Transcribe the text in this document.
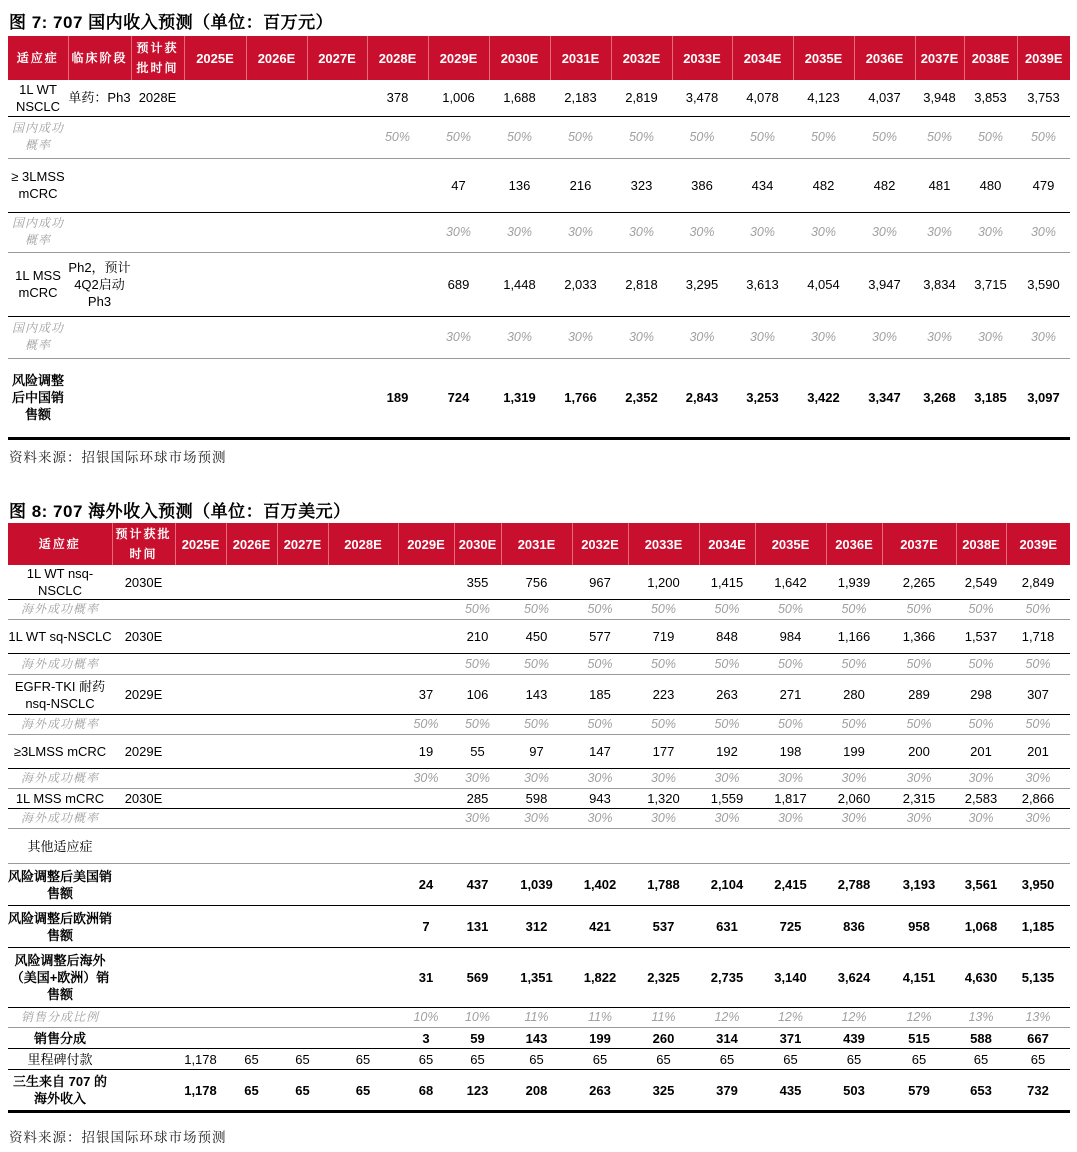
图 7: 707 国内收入预测（单位：百万元）
适应症	临床阶段	预计获批时间	2025E	2026E	2027E	2028E	2029E	2030E	2031E	2032E	2033E	2034E	2035E	2036E	2037E	2038E	2039E
1L WT NSCLC	单药：Ph3	2028E				378	1,006	1,688	2,183	2,819	3,478	4,078	4,123	4,037	3,948	3,853	3,753
国内成功概率						50%	50%	50%	50%	50%	50%	50%	50%	50%	50%	50%	50%
≥ 3LMSS mCRC							47	136	216	323	386	434	482	482	481	480	479
国内成功概率							30%	30%	30%	30%	30%	30%	30%	30%	30%	30%	30%
1L MSS mCRC	Ph2，预计4Q2启动Ph3						689	1,448	2,033	2,818	3,295	3,613	4,054	3,947	3,834	3,715	3,590
国内成功概率							30%	30%	30%	30%	30%	30%	30%	30%	30%	30%	30%
风险调整后中国销售额						189	724	1,319	1,766	2,352	2,843	3,253	3,422	3,347	3,268	3,185	3,097
资料来源：招银国际环球市场预测
图 8: 707 海外收入预测（单位：百万美元）
适应症	预计获批时间	2025E	2026E	2027E	2028E	2029E	2030E	2031E	2032E	2033E	2034E	2035E	2036E	2037E	2038E	2039E
1L WT nsq-NSCLC	2030E						355	756	967	1,200	1,415	1,642	1,939	2,265	2,549	2,849
海外成功概率							50%	50%	50%	50%	50%	50%	50%	50%	50%	50%
1L WT sq-NSCLC	2030E						210	450	577	719	848	984	1,166	1,366	1,537	1,718
海外成功概率							50%	50%	50%	50%	50%	50%	50%	50%	50%	50%
EGFR-TKI 耐药 nsq-NSCLC	2029E					37	106	143	185	223	263	271	280	289	298	307
海外成功概率						50%	50%	50%	50%	50%	50%	50%	50%	50%	50%	50%
≥3LMSS mCRC	2029E					19	55	97	147	177	192	198	199	200	201	201
海外成功概率						30%	30%	30%	30%	30%	30%	30%	30%	30%	30%	30%
1L MSS mCRC	2030E						285	598	943	1,320	1,559	1,817	2,060	2,315	2,583	2,866
海外成功概率							30%	30%	30%	30%	30%	30%	30%	30%	30%	30%
其他适应症																
风险调整后美国销售额						24	437	1,039	1,402	1,788	2,104	2,415	2,788	3,193	3,561	3,950
风险调整后欧洲销售额						7	131	312	421	537	631	725	836	958	1,068	1,185
风险调整后海外（美国+欧洲）销售额						31	569	1,351	1,822	2,325	2,735	3,140	3,624	4,151	4,630	5,135
销售分成比例						10%	10%	11%	11%	11%	12%	12%	12%	12%	13%	13%
销售分成						3	59	143	199	260	314	371	439	515	588	667
里程碑付款		1,178	65	65	65	65	65	65	65	65	65	65	65	65	65	65
三生来自 707 的海外收入		1,178	65	65	65	68	123	208	263	325	379	435	503	579	653	732
资料来源：招银国际环球市场预测
